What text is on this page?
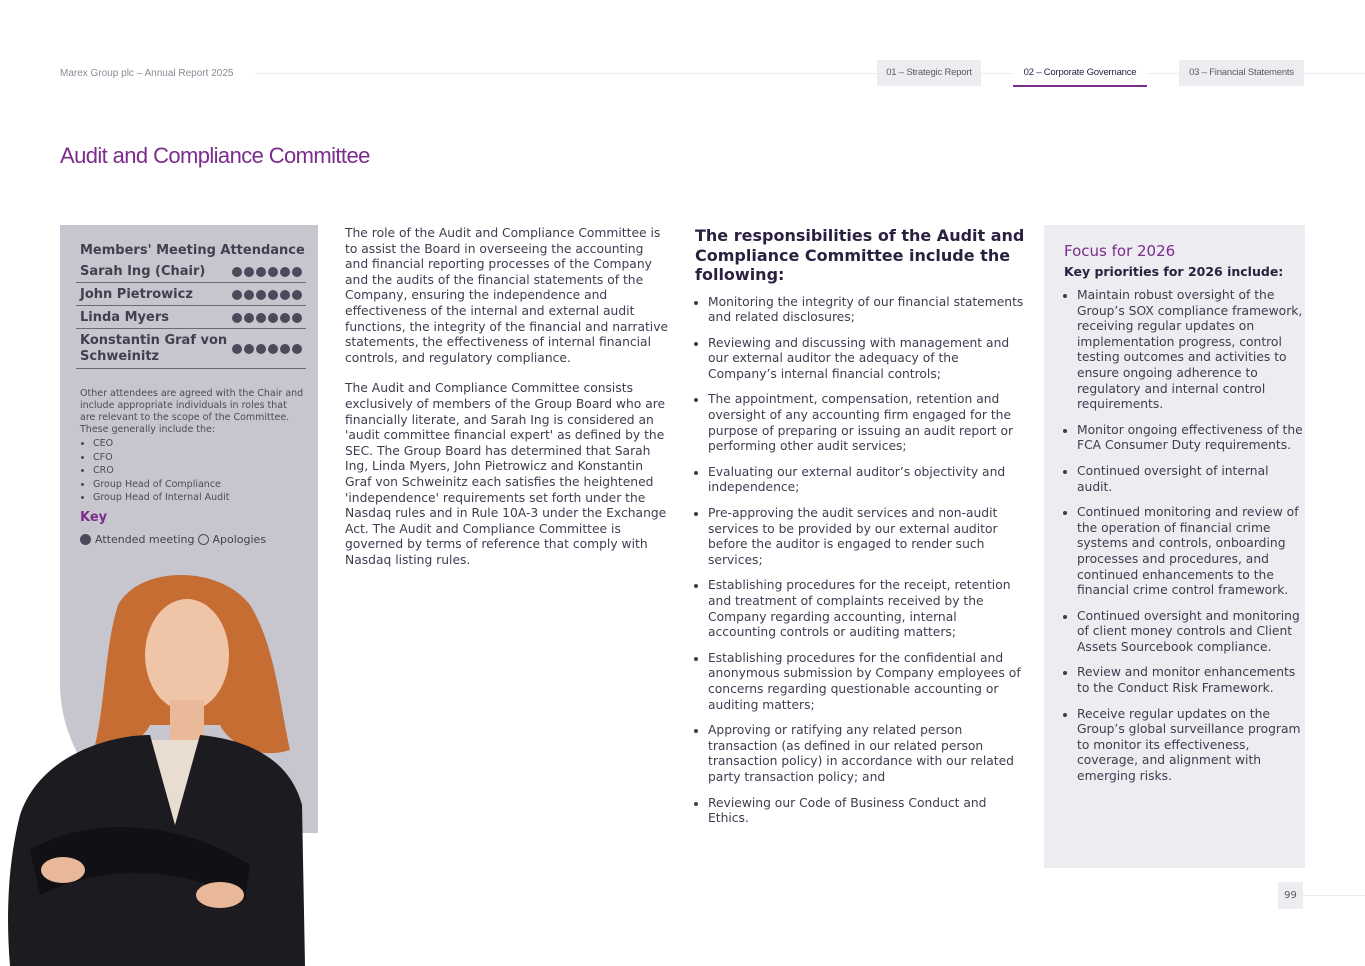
Marex Group plc – Annual Report 2025	01 – Strategic Report	02 – Corporate Governance	03 – Financial Statements
Audit and Compliance Committee
Members' Meeting Attendance
Sarah Ing (Chair)
John Pietrowicz
Linda Myers
Konstantin Graf von Schweinitz
Other attendees are agreed with the Chair and include appropriate individuals in roles that are relevant to the scope of the Committee.
These generally include the:
• CEO
• CFO
• CRO
• Group Head of Compliance
• Group Head of Internal Audit
Key
Attended meeting Apologies

The role of the Audit and Compliance Committee is to assist the Board in overseeing the accounting and financial reporting processes of the Company and the audits of the financial statements of the Company, ensuring the independence and effectiveness of the internal and external audit functions, the integrity of the financial and narrative statements, the effectiveness of internal financial controls, and regulatory compliance.

The Audit and Compliance Committee consists exclusively of members of the Group Board who are financially literate, and Sarah Ing is considered an 'audit committee financial expert' as defined by the SEC. The Group Board has determined that Sarah Ing, Linda Myers, John Pietrowicz and Konstantin Graf von Schweinitz each satisfies the heightened 'independence' requirements set forth under the Nasdaq rules and in Rule 10A-3 under the Exchange Act. The Audit and Compliance Committee is governed by terms of reference that comply with Nasdaq listing rules.

The responsibilities of the Audit and Compliance Committee include the following:
• Monitoring the integrity of our financial statements and related disclosures;
• Reviewing and discussing with management and our external auditor the adequacy of the Company’s internal financial controls;
• The appointment, compensation, retention and oversight of any accounting firm engaged for the purpose of preparing or issuing an audit report or performing other audit services;
• Evaluating our external auditor’s objectivity and independence;
• Pre-approving the audit services and non-audit services to be provided by our external auditor before the auditor is engaged to render such services;
• Establishing procedures for the receipt, retention and treatment of complaints received by the Company regarding accounting, internal accounting controls or auditing matters;
• Establishing procedures for the confidential and anonymous submission by Company employees of concerns regarding questionable accounting or auditing matters;
• Approving or ratifying any related person transaction (as defined in our related person transaction policy) in accordance with our related party transaction policy; and
• Reviewing our Code of Business Conduct and Ethics.
Focus for 2026
Key priorities for 2026 include:
• Maintain robust oversight of the Group’s SOX compliance framework, receiving regular updates on implementation progress, control testing outcomes and activities to ensure ongoing adherence to regulatory and internal control requirements.
• Monitor ongoing effectiveness of the FCA Consumer Duty requirements.
• Continued oversight of internal audit.
• Continued monitoring and review of the operation of financial crime systems and controls, onboarding processes and procedures, and continued enhancements to the financial crime control framework.
• Continued oversight and monitoring of client money controls and Client Assets Sourcebook compliance.
• Review and monitor enhancements to the Conduct Risk Framework.
• Receive regular updates on the Group’s global surveillance program to monitor its effectiveness, coverage, and alignment with emerging risks.
99
